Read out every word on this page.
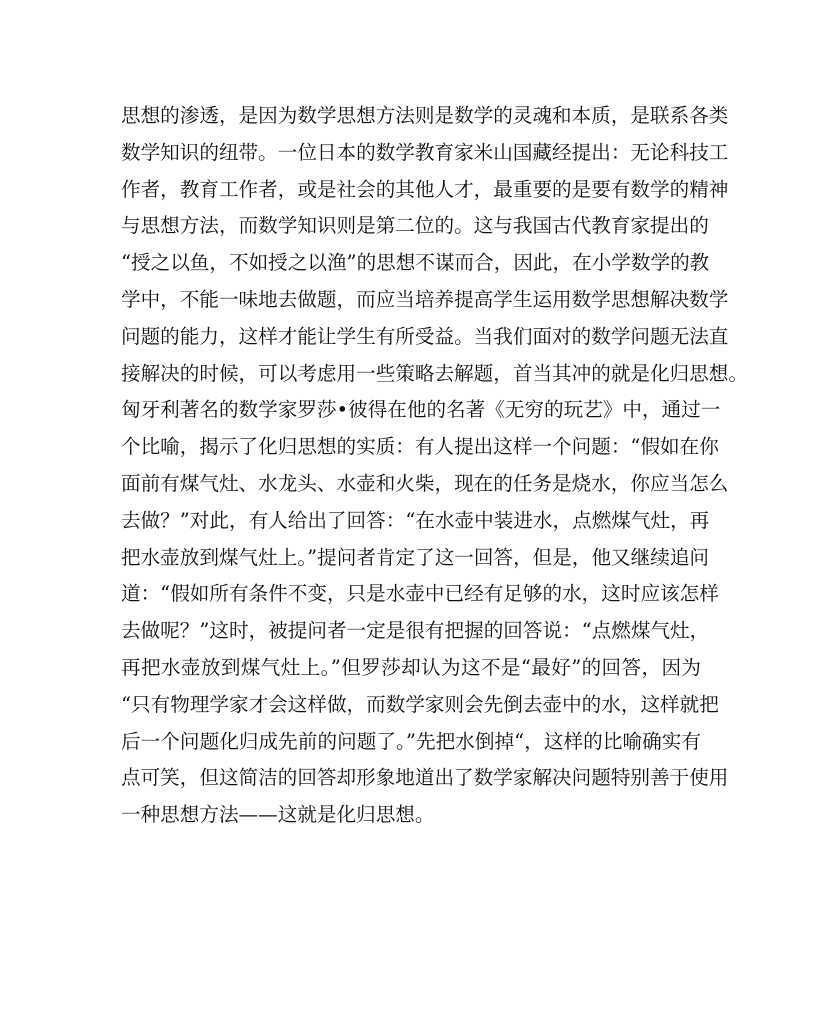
思想的渗透，是因为数学思想方法则是数学的灵魂和本质，是联系各类
数学知识的纽带。一位日本的数学教育家米山国藏经提出：无论科技工
作者，教育工作者，或是社会的其他人才，最重要的是要有数学的精神
与思想方法，而数学知识则是第二位的。这与我国古代教育家提出的
“授之以鱼，不如授之以渔”的思想不谋而合，因此，在小学数学的教
学中，不能一味地去做题，而应当培养提高学生运用数学思想解决数学
问题的能力，这样才能让学生有所受益。当我们面对的数学问题无法直
接解决的时候，可以考虑用一些策略去解题，首当其冲的就是化归思想。
匈牙利著名的数学家罗莎•彼得在他的名著《无穷的玩艺》中，通过一
个比喻，揭示了化归思想的实质：有人提出这样一个问题：“假如在你
面前有煤气灶、水龙头、水壶和火柴，现在的任务是烧水，你应当怎么
去做？”对此，有人给出了回答：“在水壶中装进水，点燃煤气灶，再
把水壶放到煤气灶上。”提问者肯定了这一回答，但是，他又继续追问
道：“假如所有条件不变，只是水壶中已经有足够的水，这时应该怎样
去做呢？”这时，被提问者一定是很有把握的回答说：“点燃煤气灶，
再把水壶放到煤气灶上。”但罗莎却认为这不是“最好”的回答，因为
“只有物理学家才会这样做，而数学家则会先倒去壶中的水，这样就把
后一个问题化归成先前的问题了。”先把水倒掉“，这样的比喻确实有
点可笑，但这简洁的回答却形象地道出了数学家解决问题特别善于使用
一种思想方法——这就是化归思想。
